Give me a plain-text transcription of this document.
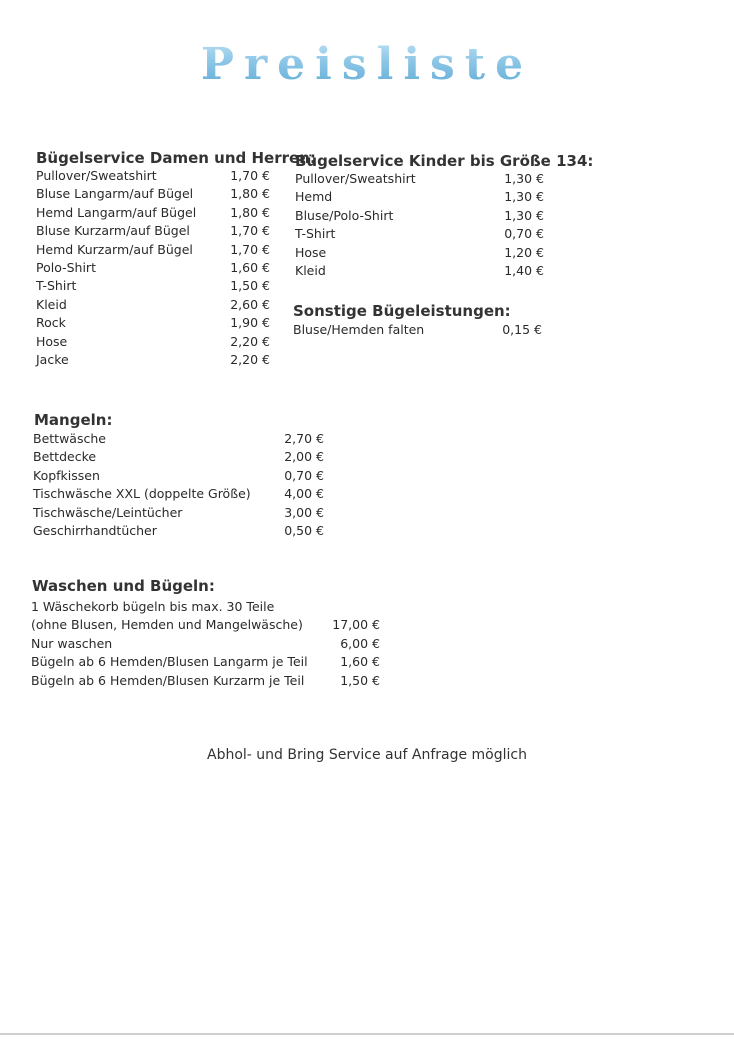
Preisliste
Bügelservice Damen und Herren:
Pullover/Sweatshirt	1,70 €
Bluse Langarm/auf Bügel	1,80 €
Hemd Langarm/auf Bügel	1,80 €
Bluse Kurzarm/auf Bügel	1,70 €
Hemd Kurzarm/auf Bügel	1,70 €
Polo-Shirt	1,60 €
T-Shirt	1,50 €
Kleid	2,60 €
Rock	1,90 €
Hose	2,20 €
Jacke	2,20 €
Bügelservice Kinder bis Größe 134:
Pullover/Sweatshirt	1,30 €
Hemd	1,30 €
Bluse/Polo-Shirt	1,30 €
T-Shirt	0,70 €
Hose	1,20 €
Kleid	1,40 €
Sonstige Bügeleistungen:
Bluse/Hemden falten	0,15 €
Mangeln:
Bettwäsche	2,70 €
Bettdecke	2,00 €
Kopfkissen	0,70 €
Tischwäsche XXL (doppelte Größe)	4,00 €
Tischwäsche/Leintücher	3,00 €
Geschirrhandtücher	0,50 €
Waschen und Bügeln:
1 Wäschekorb bügeln bis max. 30 Teile
(ohne Blusen, Hemden und Mangelwäsche) 17,00 €
Nur waschen	6,00 €
Bügeln ab 6 Hemden/Blusen Langarm je Teil	1,60 €
Bügeln ab 6 Hemden/Blusen Kurzarm je Teil	1,50 €
Abhol- und Bring Service auf Anfrage möglich
